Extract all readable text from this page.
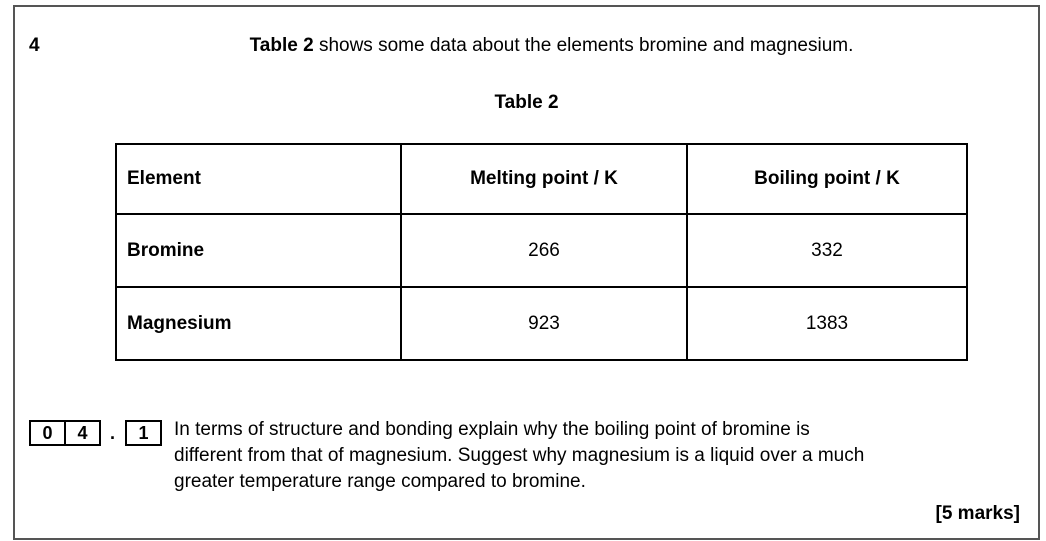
4	Table 2 shows some data about the elements bromine and magnesium.
Table 2
Element	Melting point / K	Boiling point / K
Bromine	266	332
Magnesium	923	1383
0	4	.	1	In terms of structure and bonding explain why the boiling point of bromine is
different from that of magnesium. Suggest why magnesium is a liquid over a much
greater temperature range compared to bromine.
[5 marks]
